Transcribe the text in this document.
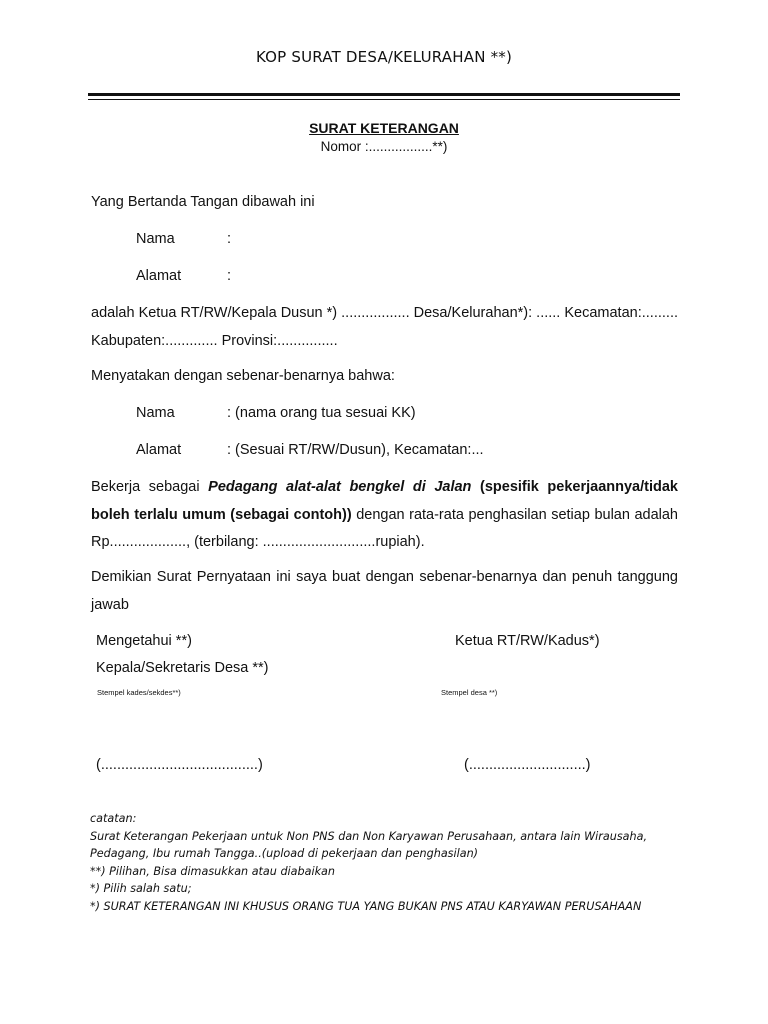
KOP SURAT DESA/KELURAHAN **)
SURAT KETERANGAN
Nomor :.................**)
Yang Bertanda Tangan dibawah ini
Nama	:
Alamat	:
adalah Ketua RT/RW/Kepala Dusun *) ................. Desa/Kelurahan*): ...... Kecamatan:......... Kabupaten:............. Provinsi:...............
Menyatakan dengan sebenar-benarnya bahwa:
Nama	: (nama orang tua sesuai KK)
Alamat	: (Sesuai RT/RW/Dusun), Kecamatan:...
Bekerja sebagai Pedagang alat-alat bengkel di Jalan (spesifik pekerjaannya/tidak boleh terlalu umum (sebagai contoh)) dengan rata-rata penghasilan setiap bulan adalah Rp..................., (terbilang: ............................rupiah).
Demikian Surat Pernyataan ini saya buat dengan sebenar-benarnya dan penuh tanggung jawab
Mengetahui **)
Kepala/Sekretaris Desa **)
Stempel kades/sekdes**)
(.......................................)
Ketua RT/RW/Kadus*)
Stempel desa **)
(.............................)
catatan:
Surat Keterangan Pekerjaan untuk Non PNS dan Non Karyawan Perusahaan, antara lain Wirausaha,
Pedagang, Ibu rumah Tangga..(upload di pekerjaan dan penghasilan)
**) Pilihan, Bisa dimasukkan atau diabaikan
*) Pilih salah satu;
*) SURAT KETERANGAN INI KHUSUS ORANG TUA YANG BUKAN PNS ATAU KARYAWAN PERUSAHAAN
